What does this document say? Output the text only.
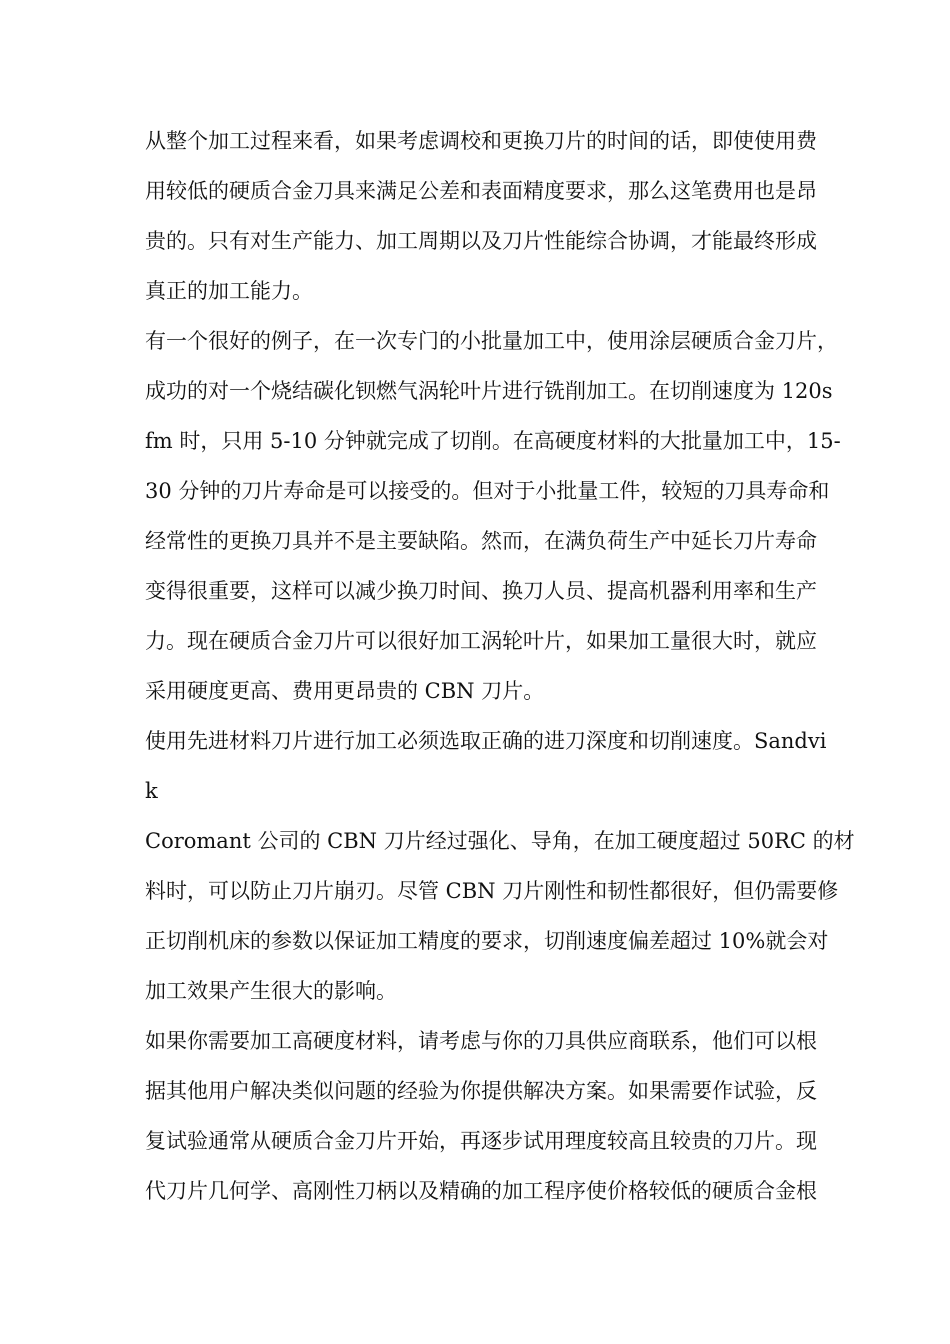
从整个加工过程来看，如果考虑调校和更换刀片的时间的话，即使使用费
用较低的硬质合金刀具来满足公差和表面精度要求，那么这笔费用也是昂
贵的。只有对生产能力、加工周期以及刀片性能综合协调，才能最终形成
真正的加工能力。
有一个很好的例子，在一次专门的小批量加工中，使用涂层硬质合金刀片，
成功的对一个烧结碳化钡燃气涡轮叶片进行铣削加工。在切削速度为 120s
fm 时，只用 5-10 分钟就完成了切削。在高硬度材料的大批量加工中，15-
30 分钟的刀片寿命是可以接受的。但对于小批量工件，较短的刀具寿命和
经常性的更换刀具并不是主要缺陷。然而，在满负荷生产中延长刀片寿命
变得很重要，这样可以减少换刀时间、换刀人员、提高机器利用率和生产
力。现在硬质合金刀片可以很好加工涡轮叶片，如果加工量很大时，就应
采用硬度更高、费用更昂贵的 CBN 刀片。
使用先进材料刀片进行加工必须选取正确的进刀深度和切削速度。Sandvi
k
Coromant 公司的 CBN 刀片经过强化、导角，在加工硬度超过 50RC 的材
料时，可以防止刀片崩刃。尽管 CBN 刀片刚性和韧性都很好，但仍需要修
正切削机床的参数以保证加工精度的要求，切削速度偏差超过 10%就会对
加工效果产生很大的影响。
如果你需要加工高硬度材料，请考虑与你的刀具供应商联系，他们可以根
据其他用户解决类似问题的经验为你提供解决方案。如果需要作试验，反
复试验通常从硬质合金刀片开始，再逐步试用理度较高且较贵的刀片。现
代刀片几何学、高刚性刀柄以及精确的加工程序使价格较低的硬质合金根
